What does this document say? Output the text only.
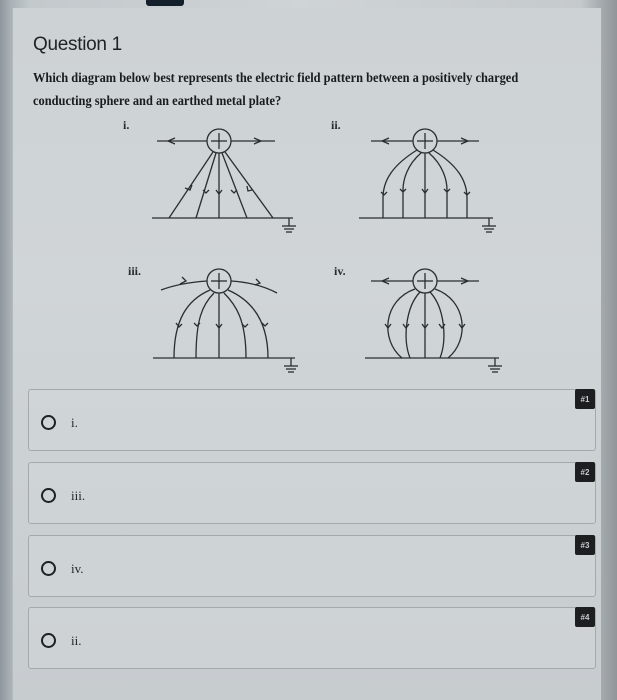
Question 1
Which diagram below best represents the electric field pattern between a positively charged conducting sphere and an earthed metal plate?
i.	ii.
iii.	iv.
i.
#1
iii.
#2
iv.
#3
ii.
#4
